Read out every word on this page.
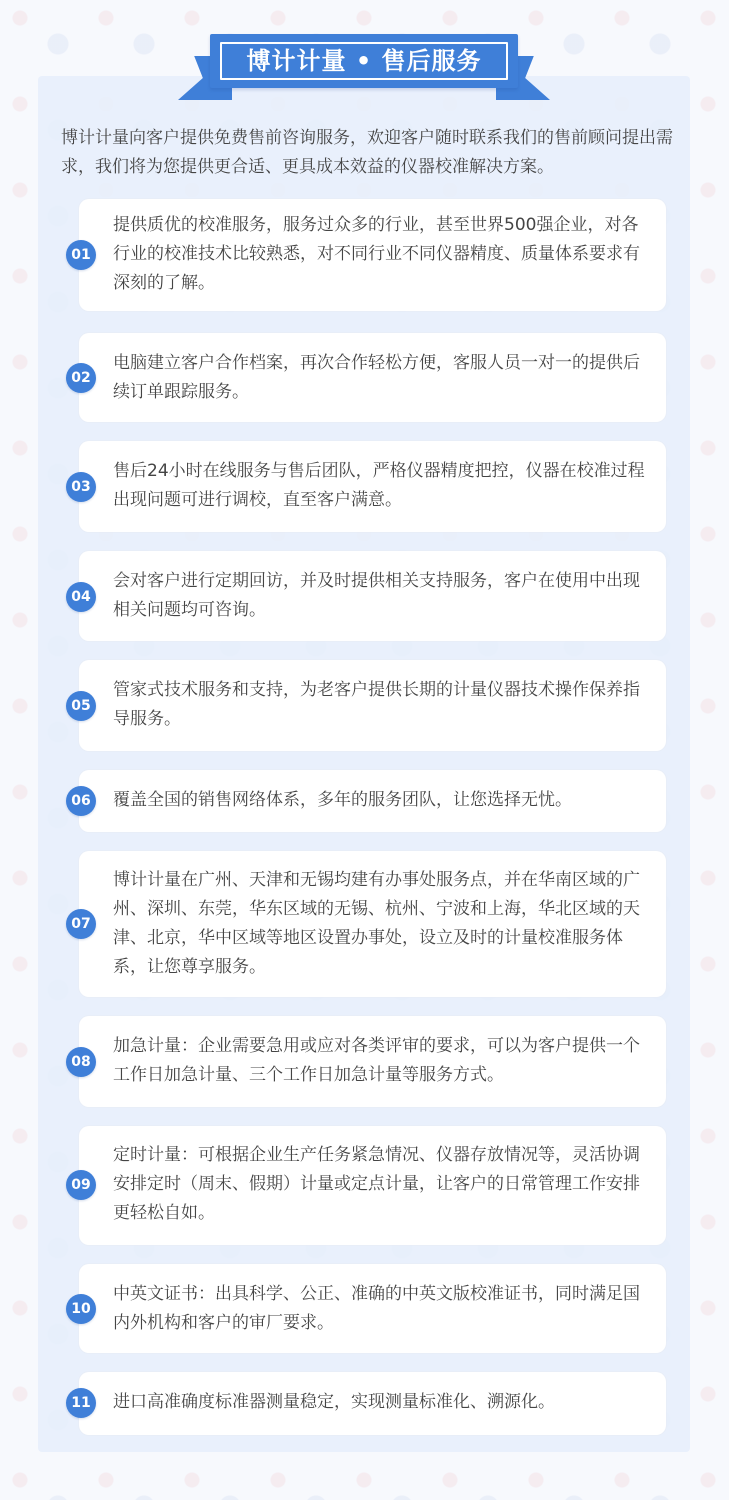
博计计量 • 售后服务
博计计量向客户提供免费售前咨询服务，欢迎客户随时联系我们的售前顾问提出需求，我们将为您提供更合适、更具成本效益的仪器校准解决方案。
01
提供质优的校准服务，服务过众多的行业，甚至世界500强企业，对各行业的校准技术比较熟悉，对不同行业不同仪器精度、质量体系要求有深刻的了解。
02
电脑建立客户合作档案，再次合作轻松方便，客服人员一对一的提供后续订单跟踪服务。
03
售后24小时在线服务与售后团队，严格仪器精度把控，仪器在校准过程出现问题可进行调校，直至客户满意。
04
会对客户进行定期回访，并及时提供相关支持服务，客户在使用中出现相关问题均可咨询。
05
管家式技术服务和支持，为老客户提供长期的计量仪器技术操作保养指导服务。
06	覆盖全国的销售网络体系，多年的服务团队，让您选择无忧。
07
博计计量在广州、天津和无锡均建有办事处服务点，并在华南区域的广州、深圳、东莞，华东区域的无锡、杭州、宁波和上海，华北区域的天津、北京，华中区域等地区设置办事处，设立及时的计量校准服务体系，让您尊享服务。
08
加急计量：企业需要急用或应对各类评审的要求，可以为客户提供一个工作日加急计量、三个工作日加急计量等服务方式。
09
定时计量：可根据企业生产任务紧急情况、仪器存放情况等，灵活协调安排定时（周末、假期）计量或定点计量，让客户的日常管理工作安排更轻松自如。
10
中英文证书：出具科学、公正、准确的中英文版校准证书，同时满足国内外机构和客户的审厂要求。
11	进口高准确度标准器测量稳定，实现测量标准化、溯源化。
